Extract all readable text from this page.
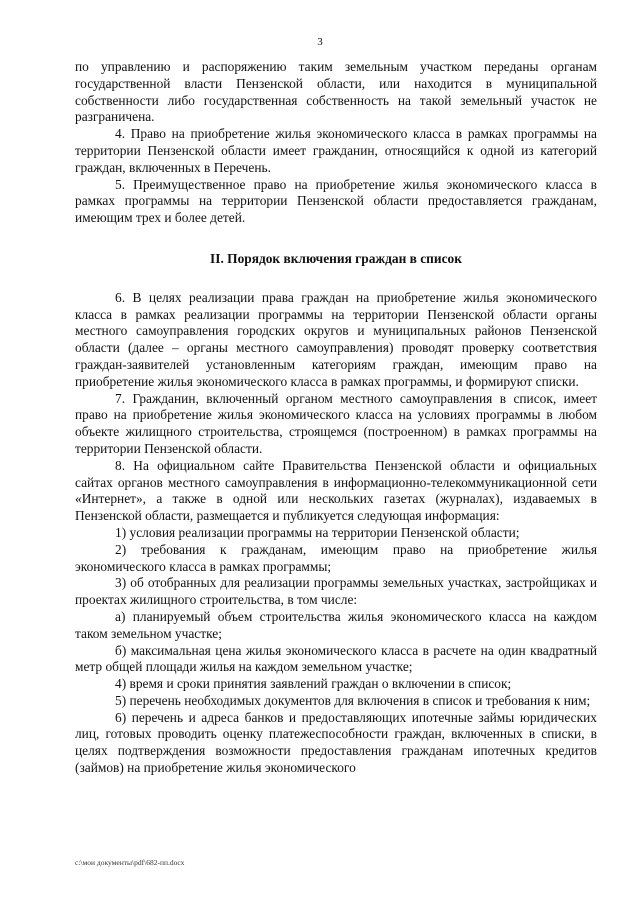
3

по управлению и распоряжению таким земельным участком переданы органам государственной власти Пензенской области, или находится в муниципальной собственности либо государственная собственность на такой земельный участок не разграничена.

4. Право на приобретение жилья экономического класса в рамках программы на территории Пензенской области имеет гражданин, относящийся к одной из категорий граждан, включенных в Перечень.

5. Преимущественное право на приобретение жилья экономического класса в рамках программы на территории Пензенской области предоставляется гражданам, имеющим трех и более детей.

II. Порядок включения граждан в список

6. В целях реализации права граждан на приобретение жилья экономического класса в рамках реализации программы на территории Пензенской области органы местного самоуправления городских округов и муниципальных районов Пензенской области (далее – органы местного самоуправления) проводят проверку соответствия граждан-заявителей установленным категориям граждан, имеющим право на приобретение жилья экономического класса в рамках программы, и формируют списки.

7. Гражданин, включенный органом местного самоуправления в список, имеет право на приобретение жилья экономического класса на условиях программы в любом объекте жилищного строительства, строящемся (построенном) в рамках программы на территории Пензенской области.

8. На официальном сайте Правительства Пензенской области и официальных сайтах органов местного самоуправления в информационно-телекоммуникационной сети «Интернет», а также в одной или нескольких газетах (журналах), издаваемых в Пензенской области, размещается и публикуется следующая информация:

1) условия реализации программы на территории Пензенской области;

2) требования к гражданам, имеющим право на приобретение жилья экономического класса в рамках программы;

3) об отобранных для реализации программы земельных участках, застройщиках и проектах жилищного строительства, в том числе:

а) планируемый объем строительства жилья экономического класса на каждом таком земельном участке;

б) максимальная цена жилья экономического класса в расчете на один квадратный метр общей площади жилья на каждом земельном участке;

4) время и сроки принятия заявлений граждан о включении в список;

5) перечень необходимых документов для включения в список и требования к ним;

6) перечень и адреса банков и предоставляющих ипотечные займы юридических лиц, готовых проводить оценку платежеспособности граждан, включенных в списки, в целях подтверждения возможности предоставления гражданам ипотечных кредитов (займов) на приобретение жилья экономического

c:\мои документы\pdf\682-пп.docx
